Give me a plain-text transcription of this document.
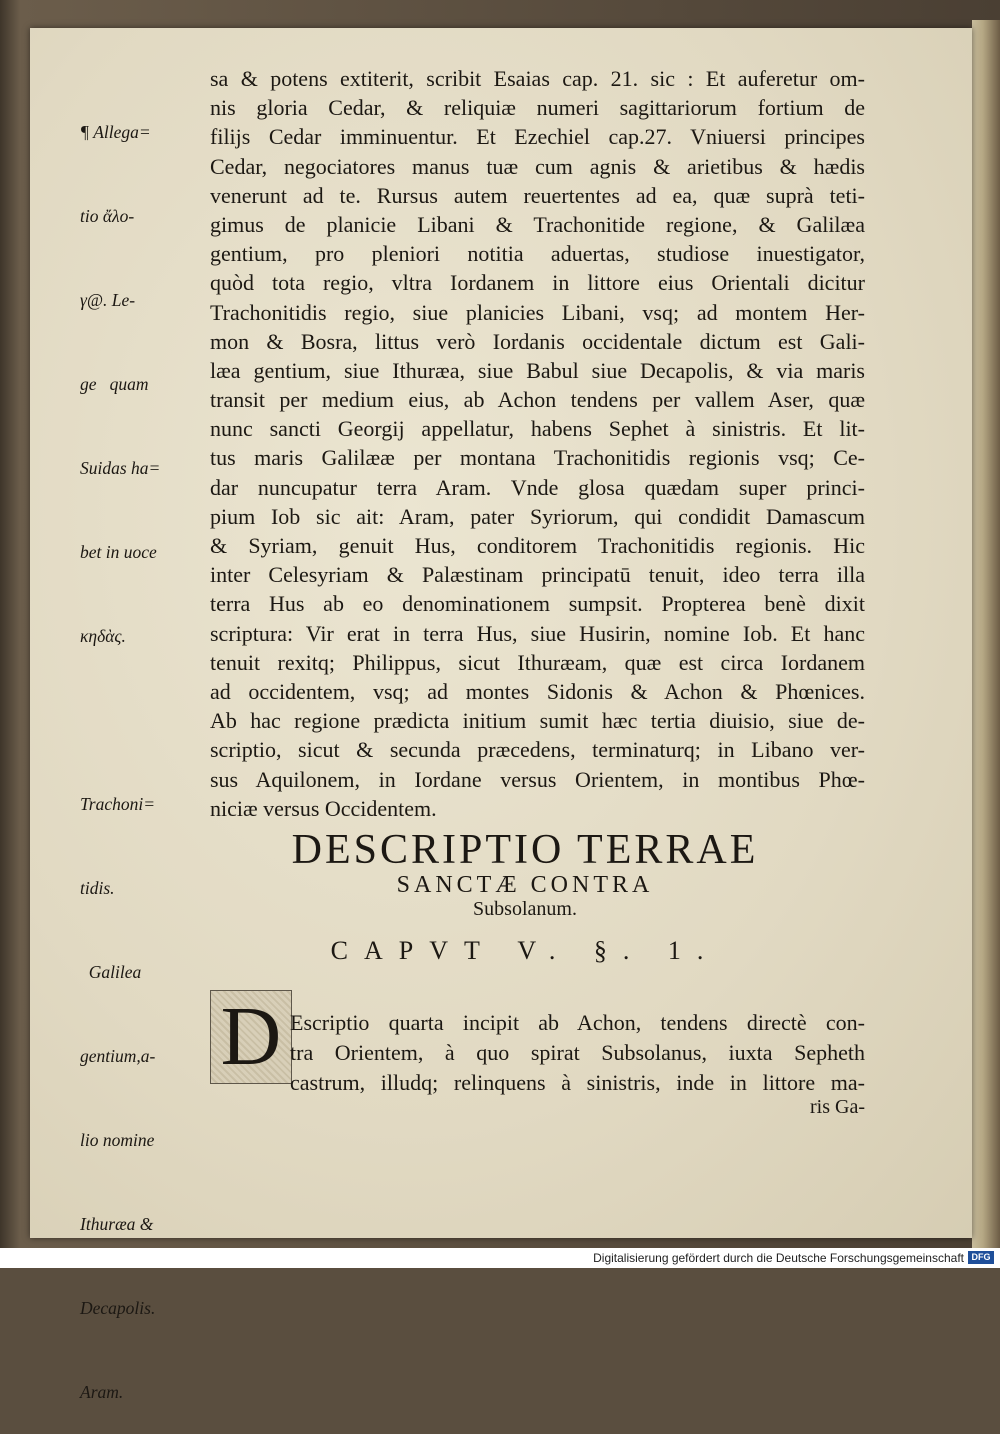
¶ Allega=

tio ἄλο-

γ@. Le-

ge   quam

Suidas ha=

bet in uoce

κηδὰς.

Trachoni=

tidis.

Galilea

gentium,a-

lio nomine

Ithuræa &

Decapolis.

Aram.

sa & potens extiterit, scribit Esaias cap. 21. sic : Et auferetur om-
nis gloria Cedar, & reliquiæ numeri sagittariorum fortium de
filijs Cedar imminuentur. Et Ezechiel cap.27. Vniuersi principes
Cedar, negociatores manus tuæ cum agnis & arietibus & hædis
venerunt ad te. Rursus autem reuertentes ad ea, quæ suprà teti-
gimus de planicie Libani & Trachonitide regione, & Galilæa
gentium, pro pleniori notitia aduertas, studiose inuestigator,
quòd tota regio, vltra Iordanem in littore eius Orientali dicitur
Trachonitidis regio, siue planicies Libani, vsq; ad montem Her-
mon & Bosra, littus verò Iordanis occidentale dictum est Gali-
læa gentium, siue Ithuræa, siue Babul siue Decapolis, & via maris
transit per medium eius, ab Achon tendens per vallem Aser, quæ
nunc sancti Georgij appellatur, habens Sephet à sinistris. Et lit-
tus maris Galilææ per montana Trachonitidis regionis vsq; Ce-
dar nuncupatur terra Aram. Vnde glosa quædam super princi-
pium Iob sic ait: Aram, pater Syriorum, qui condidit Damascum
& Syriam, genuit Hus, conditorem Trachonitidis regionis. Hic
inter Celesyriam & Palæstinam principatū tenuit, ideo terra illa
terra Hus ab eo denominationem sumpsit. Propterea benè dixit
scriptura: Vir erat in terra Hus, siue Husirin, nomine Iob. Et hanc
tenuit rexitq; Philippus, sicut Ithuræam, quæ est circa Iordanem
ad occidentem, vsq; ad montes Sidonis & Achon & Phœnices.
Ab hac regione prædicta initium sumit hæc tertia diuisio, siue de-
scriptio, sicut & secunda præcedens, terminaturq; in Libano ver-
sus Aquilonem, in Iordane versus Orientem, in montibus Phœ-
niciæ versus Occidentem.
DESCRIPTIO TERRAE
SANCTÆ CONTRA
Subsolanum.
CAPVT V. §. 1.
D Escriptio quarta incipit ab Achon, tendens directè con-
tra Orientem, à quo spirat Subsolanus, iuxta Sepheth
castrum, illudq; relinquens à sinistris, inde in littore ma-
ris Ga-
Digitalisierung gefördert durch die Deutsche Forschungsgemeinschaft DFG
